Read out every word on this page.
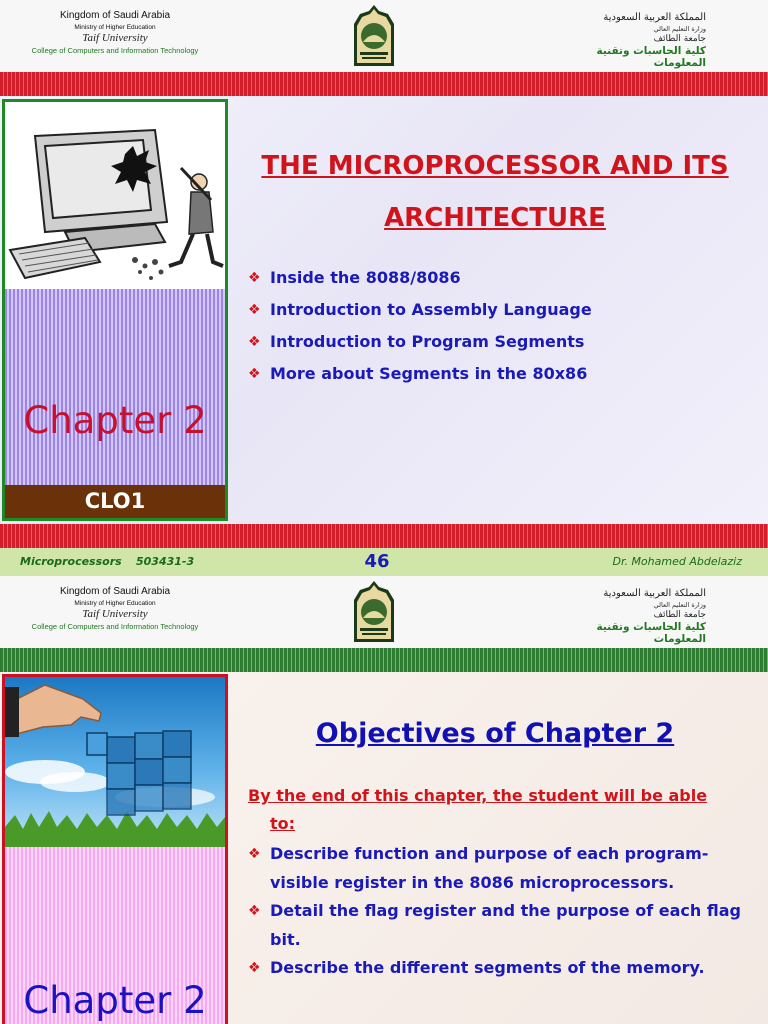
Kingdom of Saudi Arabia
Ministry of Higher Education
Taif University
College of Computers and Information Technology
المملكة العربية السعودية
وزارة التعليم العالي
جامعة الطائف
كلية الحاسبات وتقنية المعلومات
Chapter 2
CLO1
THE MICROPROCESSOR AND ITS ARCHITECTURE
❖ Inside the 8088/8086
❖ Introduction to Assembly Language
❖ Introduction to Program Segments
❖ More about Segments in the 80x86
Microprocessors 503431-3	46	Dr. Mohamed Abdelaziz
Kingdom of Saudi Arabia
Ministry of Higher Education
Taif University
College of Computers and Information Technology
المملكة العربية السعودية
وزارة التعليم العالي
جامعة الطائف
كلية الحاسبات وتقنية المعلومات
Chapter 2
Objectives of Chapter 2
By the end of this chapter, the student will be able
to:
❖ Describe function and purpose of each program-visible register in the 8086 microprocessors.
❖ Detail the flag register and the purpose of each flag bit.
❖ Describe the different segments of the memory.
